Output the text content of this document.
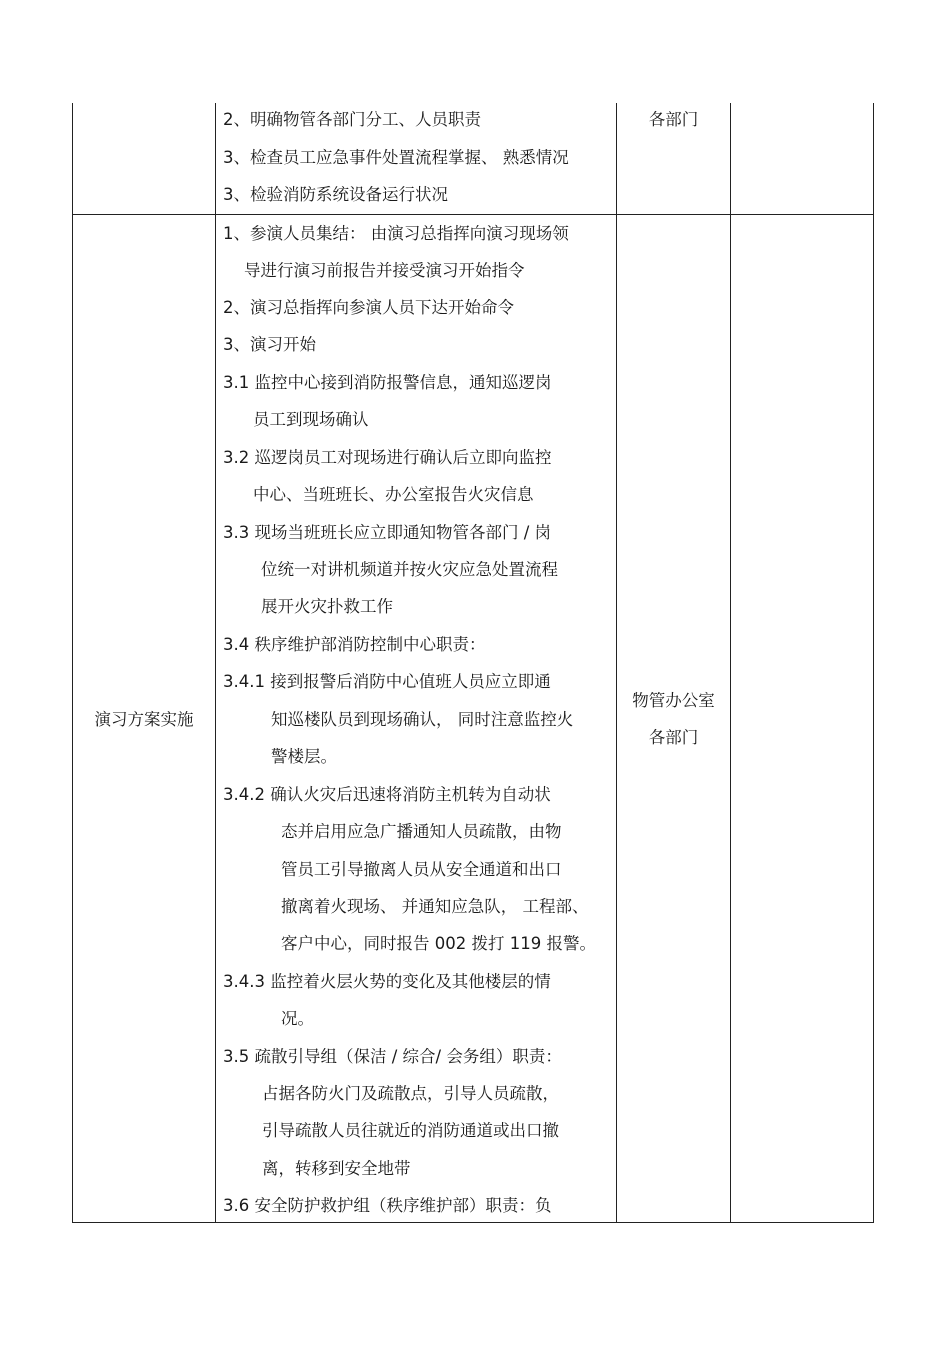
2、明确物管各部门分工、人员职责
3、检查员工应急事件处置流程掌握、 熟悉情况
3、检验消防系统设备运行状况
各部门
演习方案实施
物管办公室
各部门
1、参演人员集结： 由演习总指挥向演习现场领
导进行演习前报告并接受演习开始指令
2、演习总指挥向参演人员下达开始命令
3、演习开始
3.1 监控中心接到消防报警信息，通知巡逻岗
员工到现场确认
3.2 巡逻岗员工对现场进行确认后立即向监控
中心、当班班长、办公室报告火灾信息
3.3 现场当班班长应立即通知物管各部门 / 岗
位统一对讲机频道并按火灾应急处置流程
展开火灾扑救工作
3.4 秩序维护部消防控制中心职责：
3.4.1 接到报警后消防中心值班人员应立即通
知巡楼队员到现场确认， 同时注意监控火
警楼层。
3.4.2 确认火灾后迅速将消防主机转为自动状
态并启用应急广播通知人员疏散，由物
管员工引导撤离人员从安全通道和出口
撤离着火现场、 并通知应急队， 工程部、
客户中心，同时报告 002 拨打 119 报警。
3.4.3 监控着火层火势的变化及其他楼层的情
况。
3.5 疏散引导组（保洁 / 综合/ 会务组）职责：
占据各防火门及疏散点，引导人员疏散，
引导疏散人员往就近的消防通道或出口撤
离，转移到安全地带
3.6 安全防护救护组（秩序维护部）职责：负
